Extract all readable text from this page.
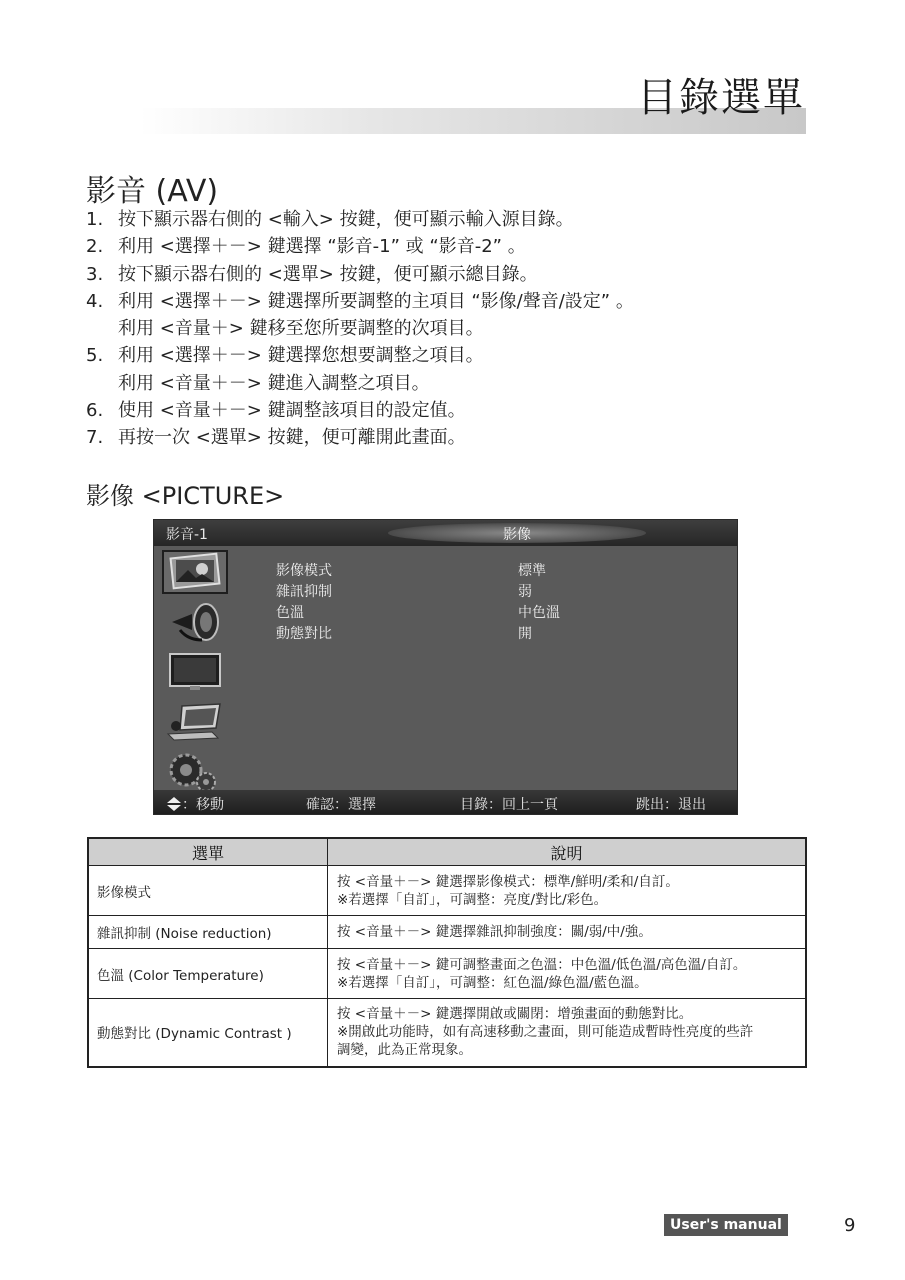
目錄選單
影音 (AV)
1. 按下顯示器右側的 <輸入> 按鍵，便可顯示輸入源目錄。
2. 利用 <選擇＋－> 鍵選擇 “影音-1” 或 “影音-2” 。
3. 按下顯示器右側的 <選單> 按鍵，便可顯示總目錄。
4. 利用 <選擇＋－> 鍵選擇所要調整的主項目 “影像/聲音/設定” 。
利用 <音量＋> 鍵移至您所要調整的次項目。
5. 利用 <選擇＋－> 鍵選擇您想要調整之項目。
利用 <音量＋－> 鍵進入調整之項目。
6. 使用 <音量＋－> 鍵調整該項目的設定值。
7. 再按一次 <選單> 按鍵，便可離開此畫面。
影像 <PICTURE>
影音-1	影像
影像模式	標準
雜訊抑制	弱
色溫	中色溫
動態對比	開
：移動	確認：選擇	目錄：回上一頁	跳出：退出
選單	說明
影像模式	按 <音量＋－> 鍵選擇影像模式：標準/鮮明/柔和/自訂。
※若選擇「自訂」，可調整：亮度/對比/彩色。

雜訊抑制 (Noise reduction)	按 <音量＋－> 鍵選擇雜訊抑制強度：關/弱/中/強。

色溫 (Color Temperature)	按 <音量＋－> 鍵可調整畫面之色溫：中色溫/低色溫/高色溫/自訂。
※若選擇「自訂」，可調整：紅色溫/綠色溫/藍色溫。

動態對比 (Dynamic Contrast )	按 <音量＋－> 鍵選擇開啟或關閉：增強畫面的動態對比。
※開啟此功能時，如有高速移動之畫面，則可能造成暫時性亮度的些許
調變，此為正常現象。
User's manual	9
